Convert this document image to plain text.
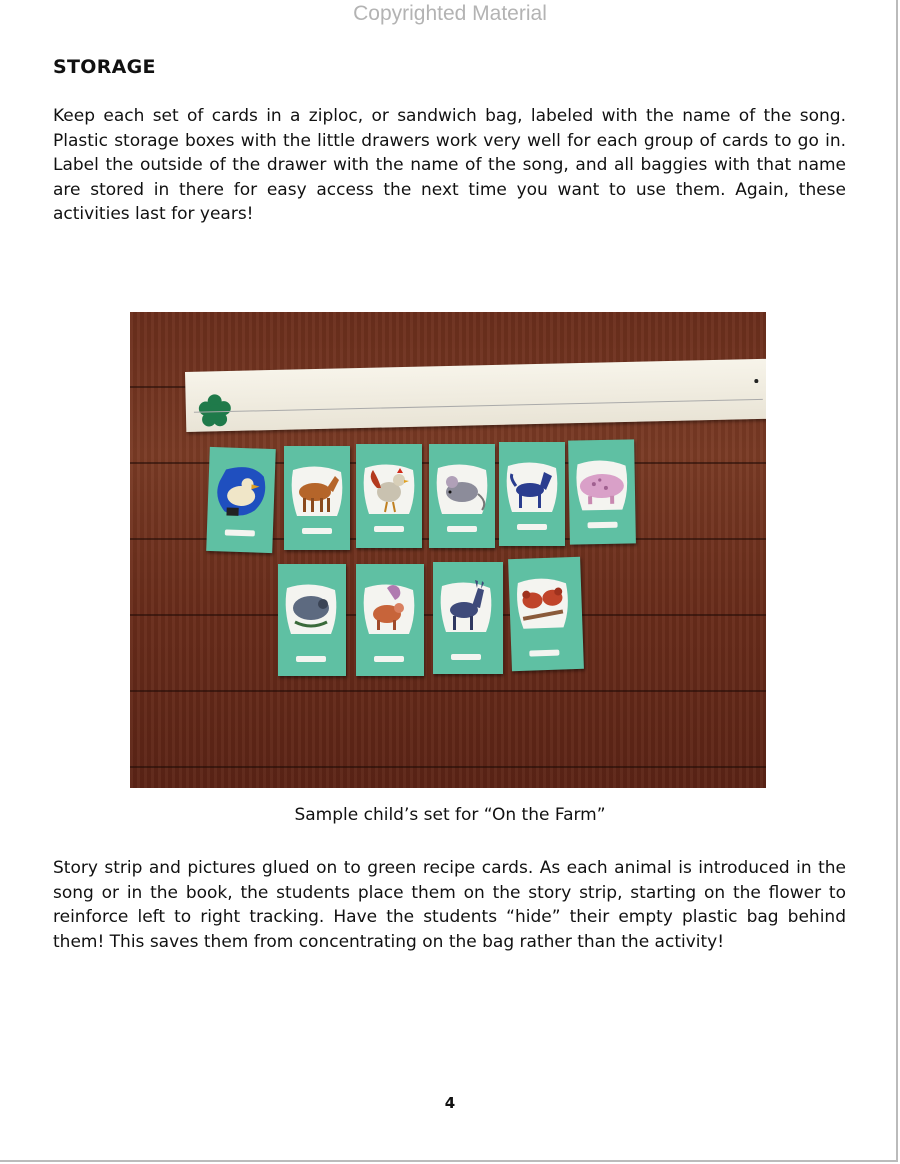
Copyrighted Material
STORAGE

Keep each set of cards in a ziploc, or sandwich bag, labeled with the name of the song. Plastic storage boxes with the little drawers work very well for each group of cards to go in. Label the outside of the drawer with the name of the song, and all baggies with that name are stored in there for easy access the next time you want to use them. Again, these activities last for years!

Sample child’s set for “On the Farm”

Story strip and pictures glued on to green recipe cards. As each animal is introduced in the song or in the book, the students place them on the story strip, starting on the flower to reinforce left to right tracking. Have the students “hide” their empty plastic bag behind them! This saves them from concentrating on the bag rather than the activity!

4
